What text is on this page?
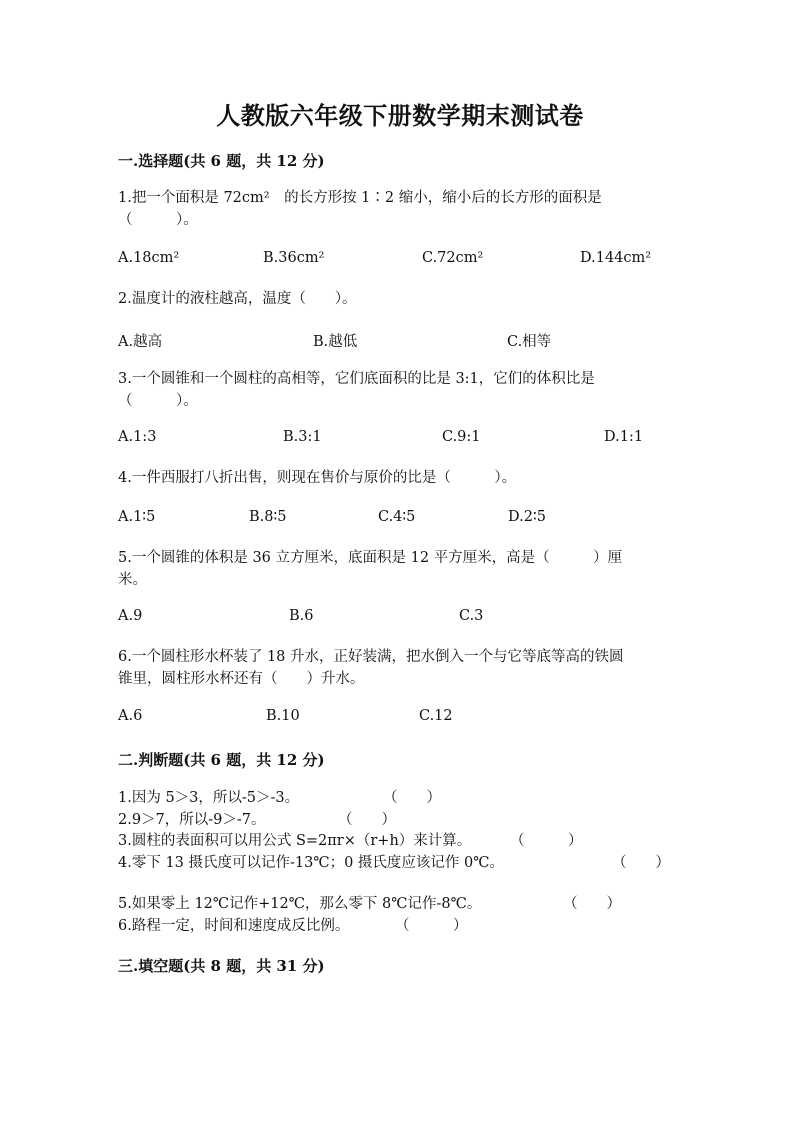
人教版六年级下册数学期末测试卷
一.选择题(共 6 题，共 12 分)
1.把一个面积是 72cm²　的长方形按 1∶2 缩小，缩小后的长方形的面积是
（　　　）。
A.18cm²	B.36cm²	C.72cm²	D.144cm²
2.温度计的液柱越高，温度（　　）。
A.越高	B.越低	C.相等
3.一个圆锥和一个圆柱的高相等，它们底面积的比是 3:1，它们的体积比是
（　　　）。
A.1:3	B.3:1	C.9:1	D.1:1
4.一件西服打八折出售，则现在售价与原价的比是（　　　）。
A.1∶5	B.8∶5	C.4∶5	D.2∶5
5.一个圆锥的体积是 36 立方厘米，底面积是 12 平方厘米，高是（　　　）厘
米。
A.9	B.6	C.3
6.一个圆柱形水杯装了 18 升水，正好装满，把水倒入一个与它等底等高的铁圆
锥里，圆柱形水杯还有（　　）升水。
A.6	B.10	C.12
二.判断题(共 6 题，共 12 分)
1.因为 5＞3，所以-5＞-3。	（　　）
2.9＞7，所以-9＞-7。	（　　）
3.圆柱的表面积可以用公式 S=2πr×（r+h）来计算。	（　　　）
4.零下 13 摄氏度可以记作-13℃；0 摄氏度应该记作 0℃。	（　　）
5.如果零上 12℃记作+12℃，那么零下 8℃记作-8℃。	（　　）
6.路程一定，时间和速度成反比例。	（　　　）
三.填空题(共 8 题，共 31 分)
